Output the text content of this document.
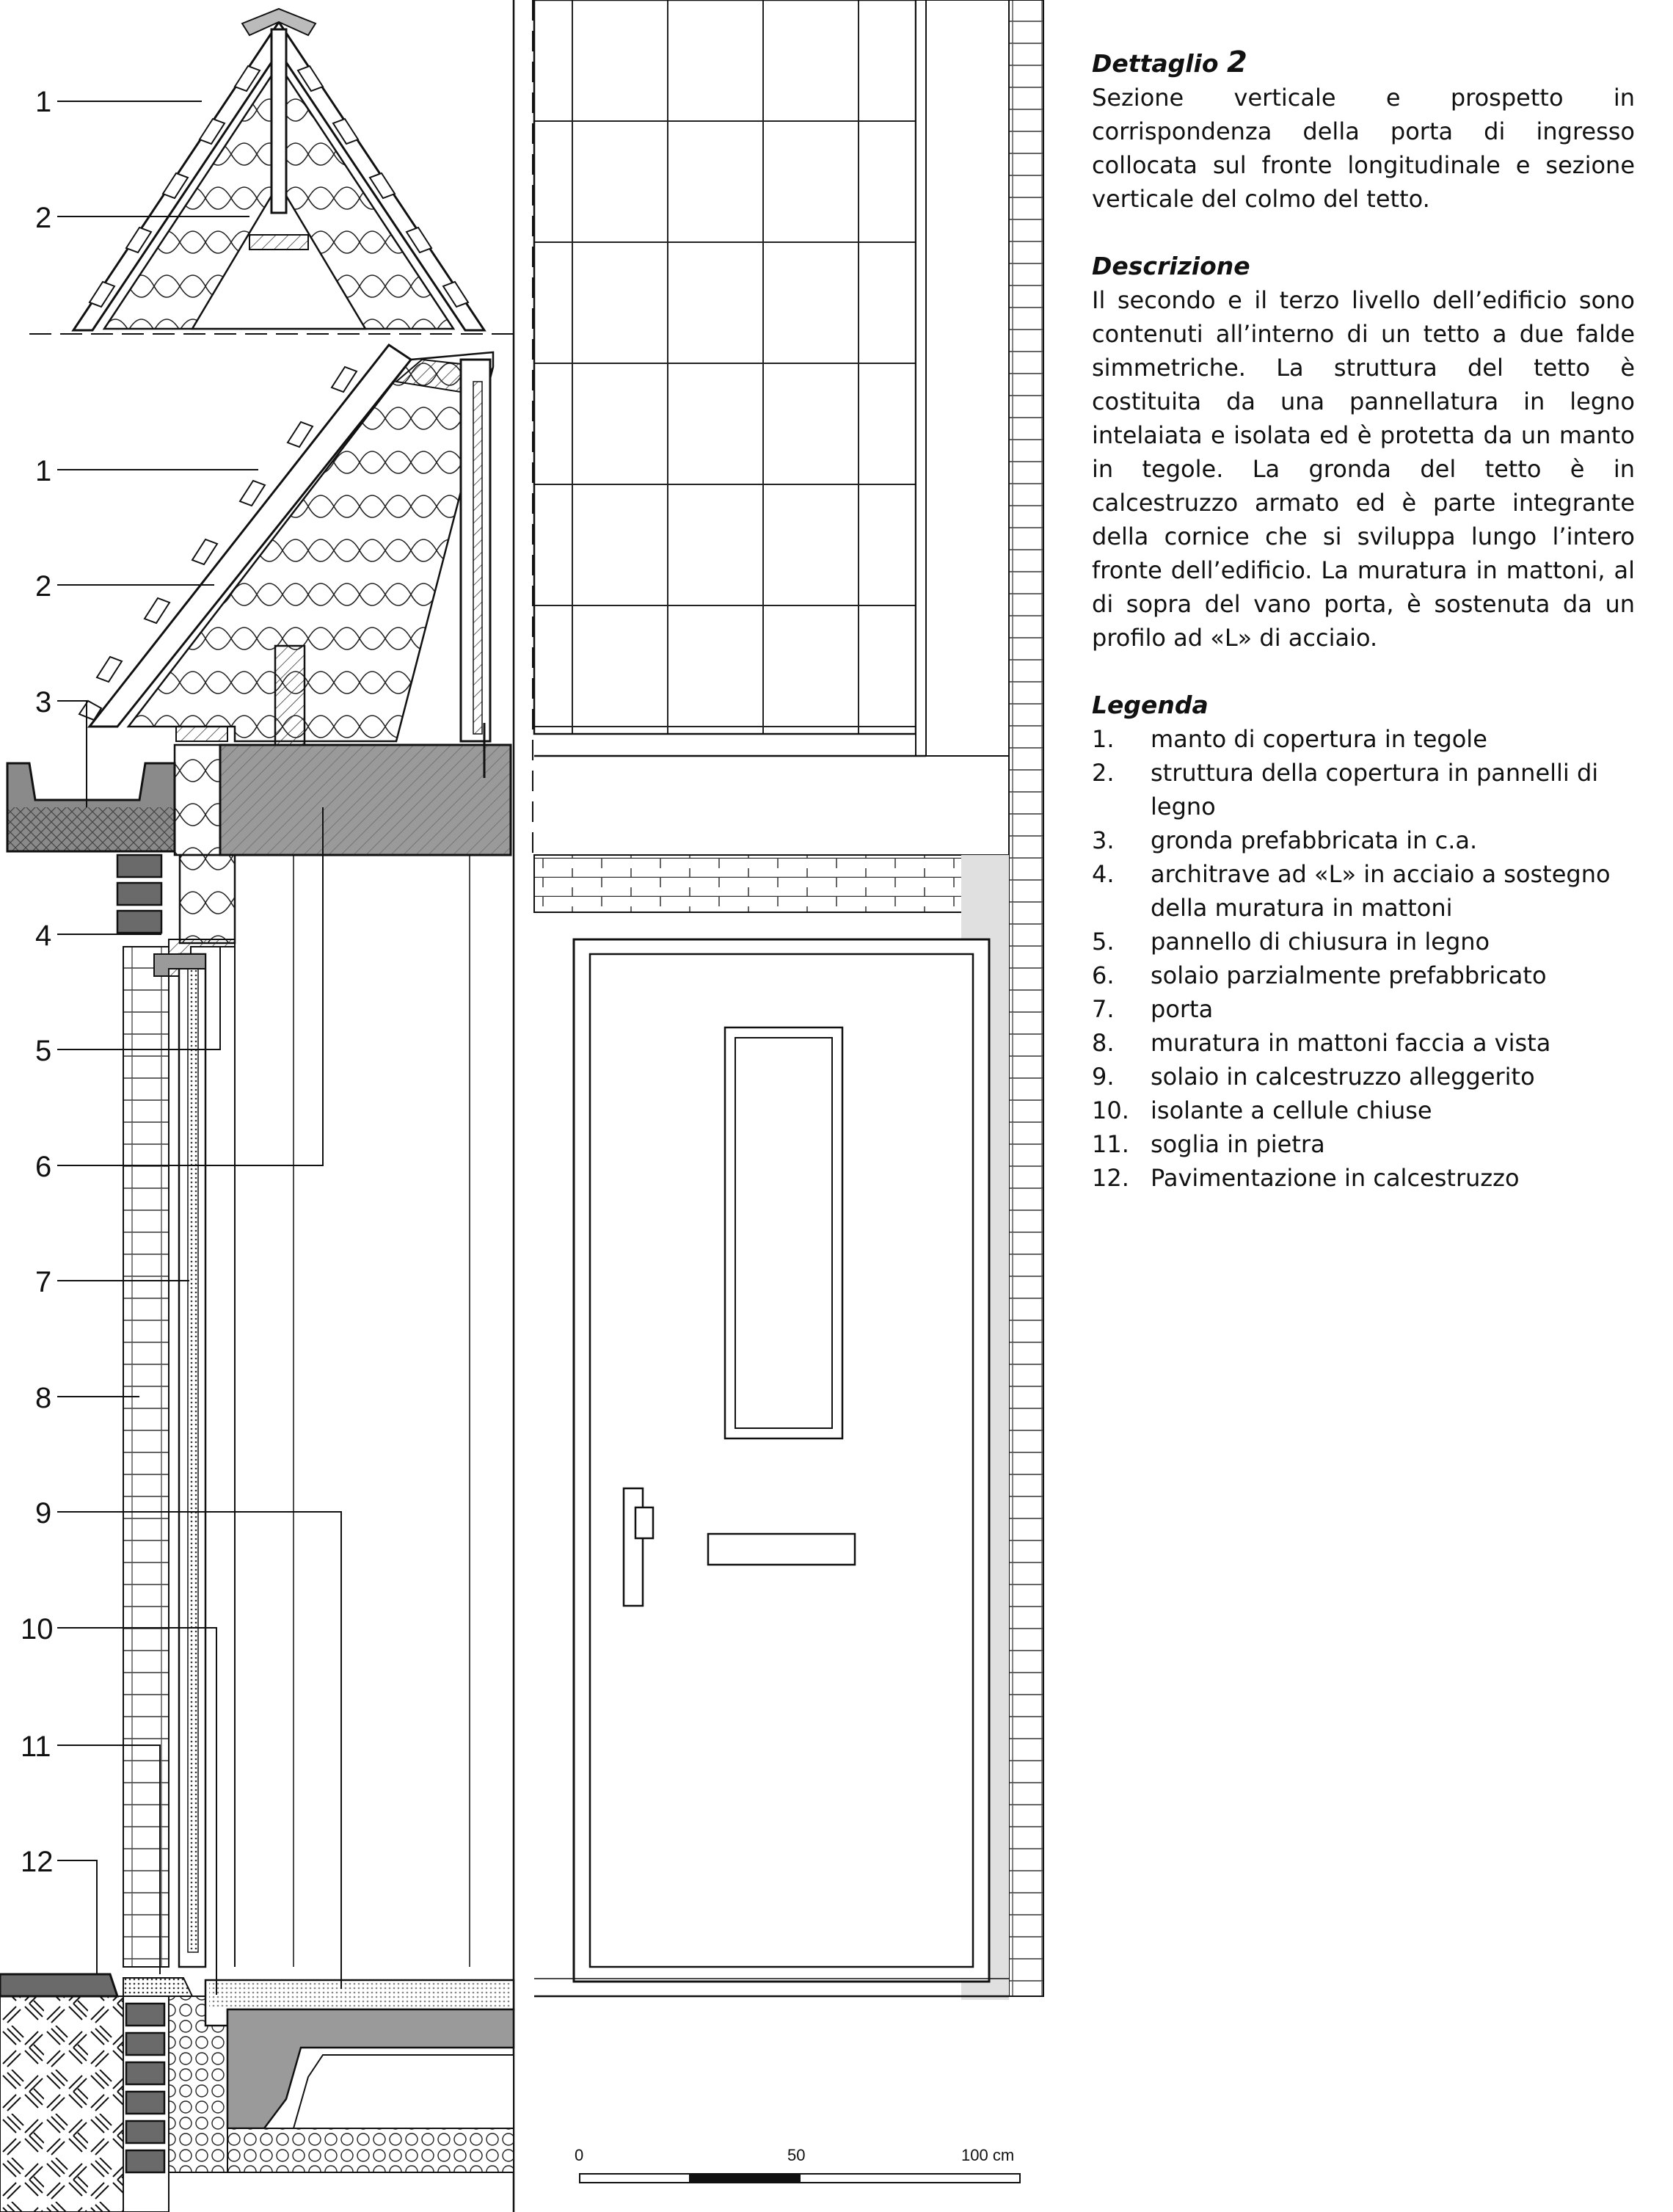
1
2
1
2
3
4
5
6
7
8
9
10
11
12
0	50	100 cm

Dettaglio 2

Sezione verticale e prospetto in corrispondenza della porta di ingresso collocata sul fronte longitudinale e sezione verticale del colmo del tetto.

Descrizione

Il secondo e il terzo livello dell’edificio sono contenuti all’interno di un tetto a due falde simmetriche. La struttura del tetto è costituita da una pannellatura in legno intelaiata e isolata ed è protetta da un manto in tegole. La gronda del tetto è in calcestruzzo armato ed è parte integrante della cornice che si sviluppa lungo l’intero fronte dell’edificio. La muratura in mattoni, al di sopra del vano porta, è sostenuta da un profilo ad «L» di acciaio.

Legenda

1.	manto di copertura in tegole
2.	struttura della copertura in pannelli di legno
3.	gronda prefabbricata in c.a.
4.	architrave ad «L» in acciaio a sostegno della muratura in mattoni
5.	pannello di chiusura in legno
6.	solaio parzialmente prefabbricato
7.	porta
8.	muratura in mattoni faccia a vista
9.	solaio in calcestruzzo alleggerito
10. isolante a cellule chiuse
11. soglia in pietra
12. Pavimentazione in calcestruzzo
